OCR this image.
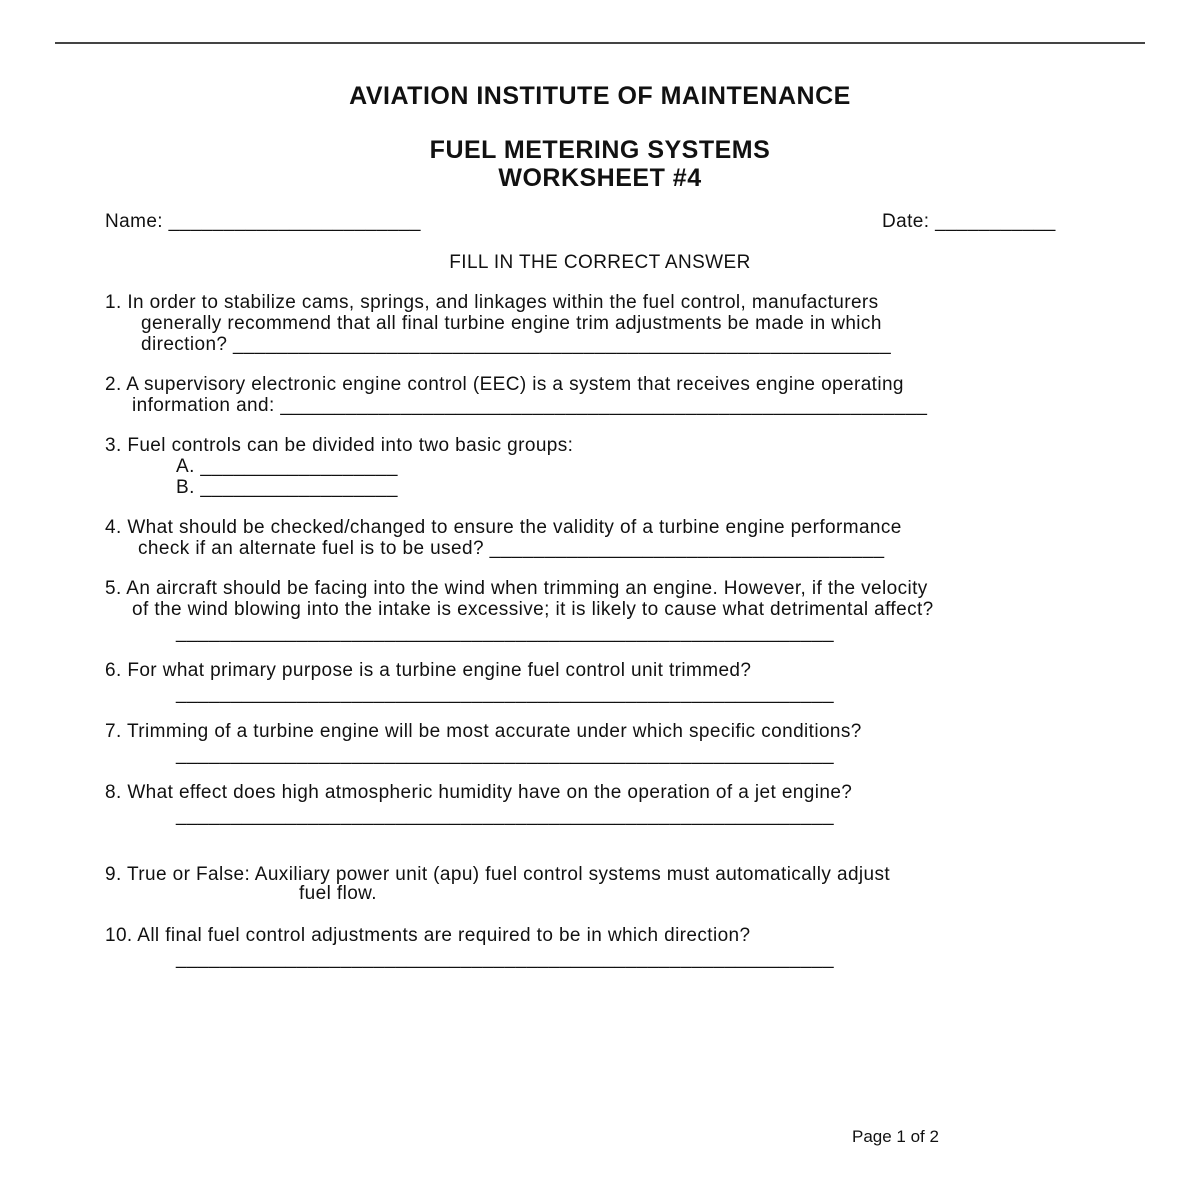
AVIATION INSTITUTE OF MAINTENANCE
FUEL METERING SYSTEMS
WORKSHEET #4
Name: _______________________	Date: ___________
FILL IN THE CORRECT ANSWER
1. In order to stabilize cams, springs, and linkages within the fuel control, manufacturers
generally recommend that all final turbine engine trim adjustments be made in which
direction? ____________________________________________________________
2. A supervisory electronic engine control (EEC) is a system that receives engine operating
information and: ___________________________________________________________
3. Fuel controls can be divided into two basic groups:
A. __________________
B. __________________
4. What should be checked/changed to ensure the validity of a turbine engine performance
check if an alternate fuel is to be used? ____________________________________
5. An aircraft should be facing into the wind when trimming an engine. However, if the velocity
of the wind blowing into the intake is excessive; it is likely to cause what detrimental affect?
____________________________________________________________
6. For what primary purpose is a turbine engine fuel control unit trimmed?
____________________________________________________________
7. Trimming of a turbine engine will be most accurate under which specific conditions?
____________________________________________________________
8. What effect does high atmospheric humidity have on the operation of a jet engine?
____________________________________________________________
9. True or False: Auxiliary power unit (apu) fuel control systems must automatically adjust
fuel flow.
10. All final fuel control adjustments are required to be in which direction?
____________________________________________________________
Page 1 of 2
